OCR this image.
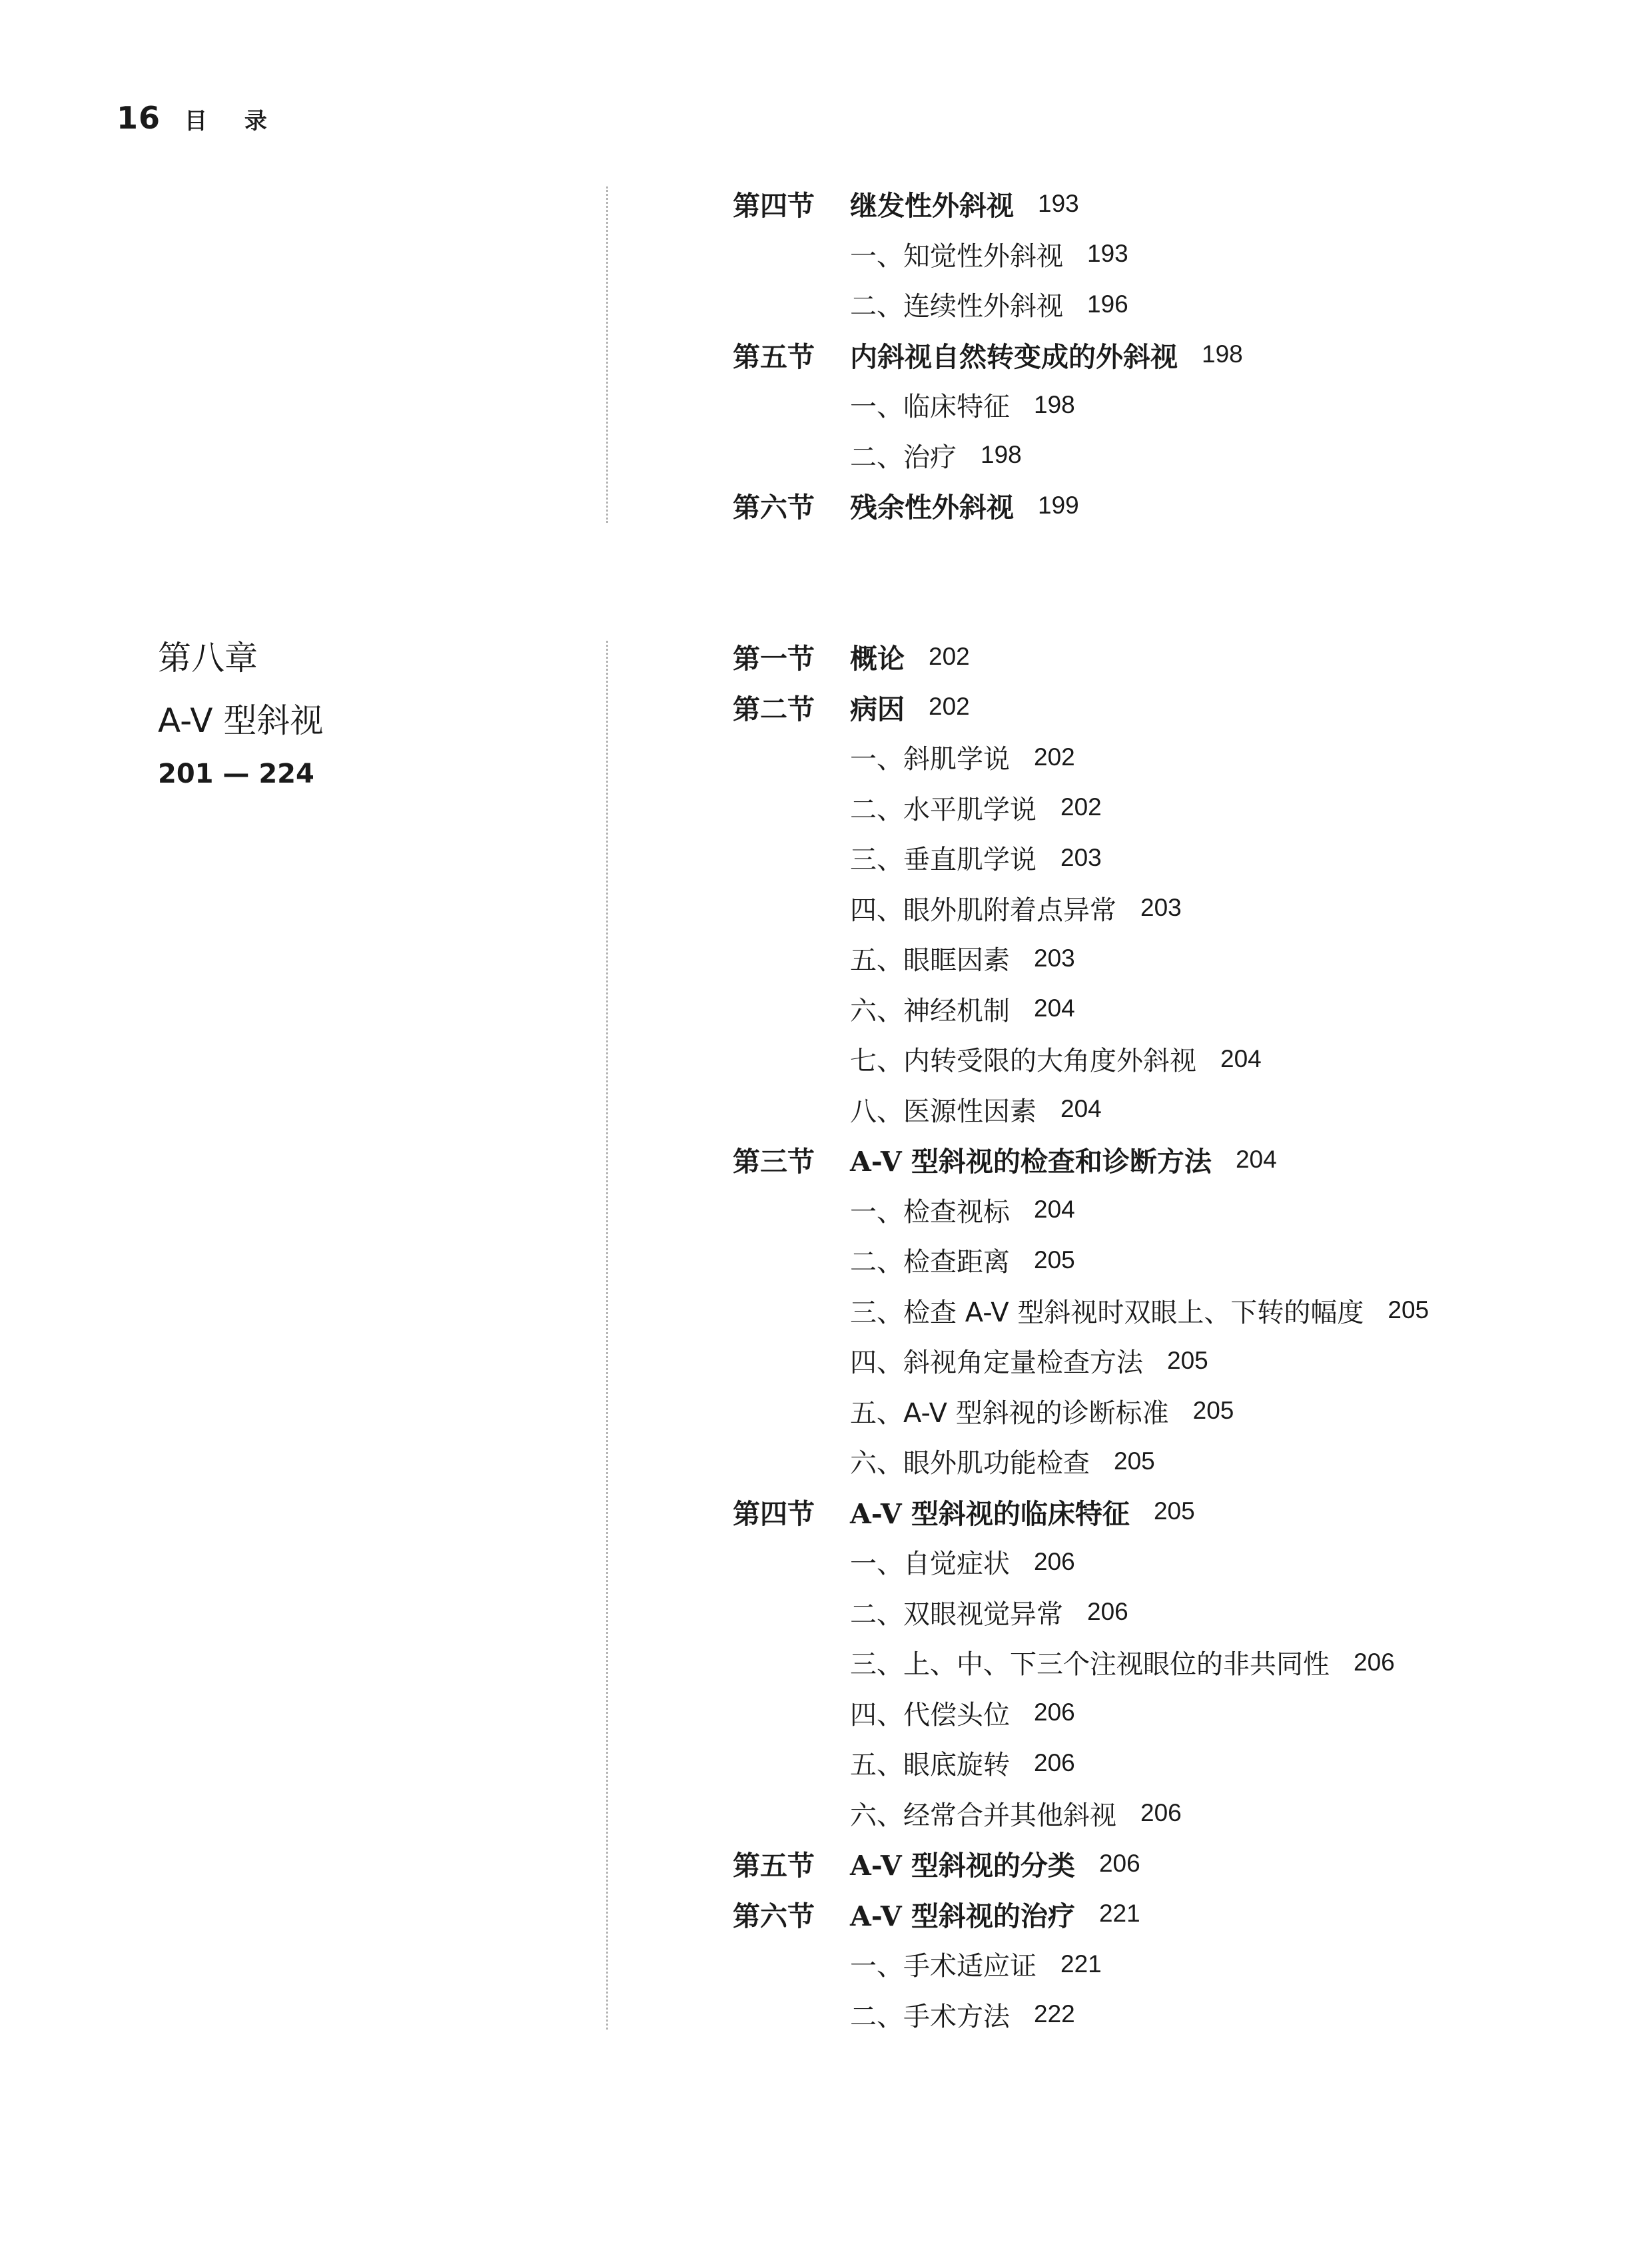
16 目 录
第四节	继发性外斜视 193
一、知觉性外斜视 193
二、连续性外斜视 196
第五节	内斜视自然转变成的外斜视 198
一、临床特征 198
二、治疗 198
第六节	残余性外斜视 199
第八章
A-V 型斜视
201 — 224
第一节	概论 202
第二节	病因 202
一、斜肌学说 202
二、水平肌学说 202
三、垂直肌学说 203
四、眼外肌附着点异常 203
五、眼眶因素 203
六、神经机制 204
七、内转受限的大角度外斜视 204
八、医源性因素 204
第三节	A-V 型斜视的检查和诊断方法 204
一、检查视标 204
二、检查距离 205
三、检查 A-V 型斜视时双眼上、下转的幅度 205
四、斜视角定量检查方法 205
五、A-V 型斜视的诊断标准 205
六、眼外肌功能检查 205
第四节	A-V 型斜视的临床特征 205
一、自觉症状 206
二、双眼视觉异常 206
三、上、中、下三个注视眼位的非共同性 206
四、代偿头位 206
五、眼底旋转 206
六、经常合并其他斜视 206
第五节	A-V 型斜视的分类 206
第六节	A-V 型斜视的治疗 221
一、手术适应证 221
二、手术方法 222
